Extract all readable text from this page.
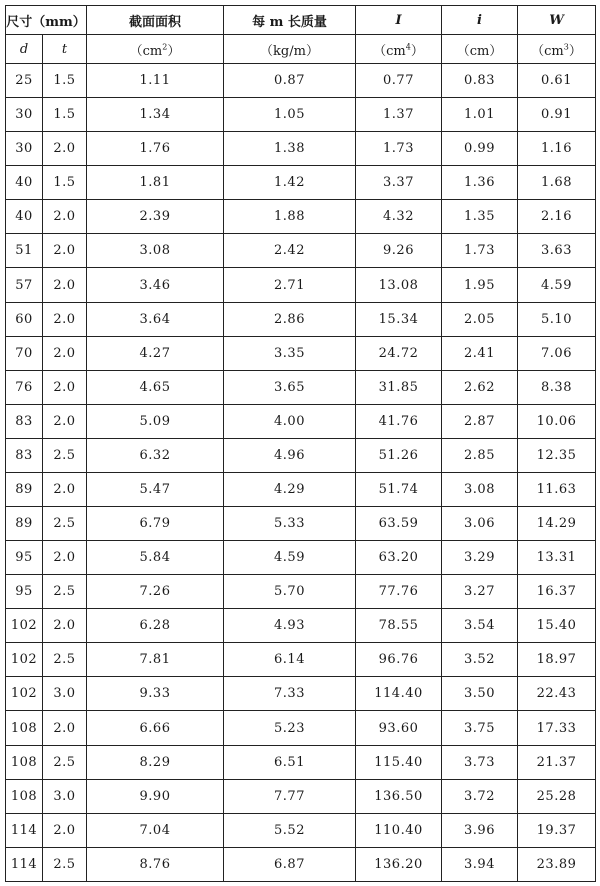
尺寸（mm）		截面面积	每 m 长质量	I	i	W
d	t	$(cm^2)$	（kg/m）	$(cm^4)$	（cm）	$(cm^3)$
25	1.5	1.11	0.87	0.77	0.83	0.61
30	1.5	1.34	1.05	1.37	1.01	0.91
30	2.0	1.76	1.38	1.73	0.99	1.16
40	1.5	1.81	1.42	3.37	1.36	1.68
40	2.0	2.39	1.88	4.32	1.35	2.16
51	2.0	3.08	2.42	9.26	1.73	3.63
57	2.0	3.46	2.71	13.08	1.95	4.59
60	2.0	3.64	2.86	15.34	2.05	5.10
70	2.0	4.27	3.35	24.72	2.41	7.06
76	2.0	4.65	3.65	31.85	2.62	8.38
83	2.0	5.09	4.00	41.76	2.87	10.06
83	2.5	6.32	4.96	51.26	2.85	12.35
89	2.0	5.47	4.29	51.74	3.08	11.63
89	2.5	6.79	5.33	63.59	3.06	14.29
95	2.0	5.84	4.59	63.20	3.29	13.31
95	2.5	7.26	5.70	77.76	3.27	16.37
102	2.0	6.28	4.93	78.55	3.54	15.40
102	2.5	7.81	6.14	96.76	3.52	18.97
102	3.0	9.33	7.33	114.40	3.50	22.43
108	2.0	6.66	5.23	93.60	3.75	17.33
108	2.5	8.29	6.51	115.40	3.73	21.37
108	3.0	9.90	7.77	136.50	3.72	25.28
114	2.0	7.04	5.52	110.40	3.96	19.37
114	2.5	8.76	6.87	136.20	3.94	23.89
